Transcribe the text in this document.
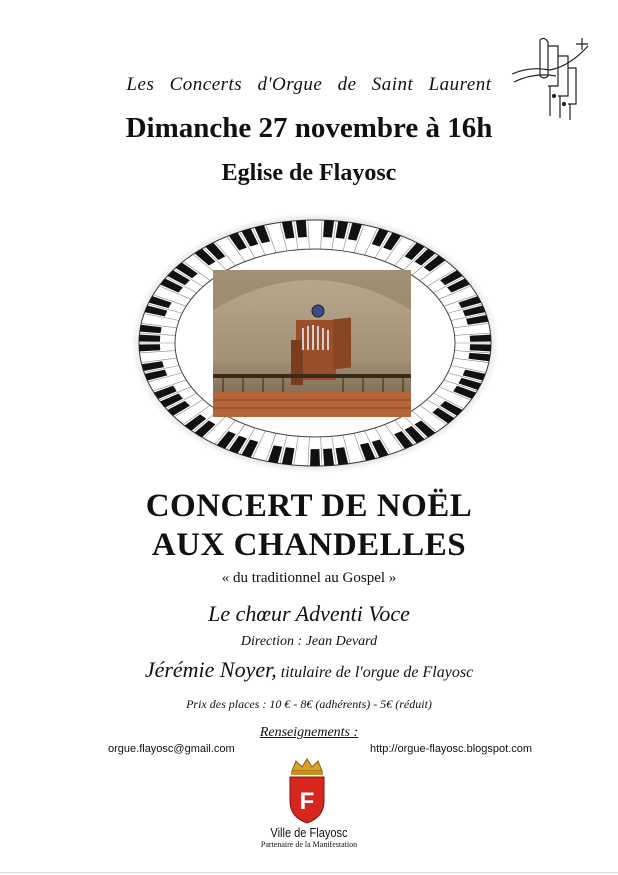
Les Concerts d'Orgue de Saint Laurent
Dimanche 27 novembre à 16h
Eglise de Flayosc
CONCERT DE NOËL
AUX CHANDELLES
« du traditionnel au Gospel »
Le chœur Adventi Voce
Direction : Jean Devard
Jérémie Noyer, titulaire de l'orgue de Flayosc
Prix des places : 10 € - 8€ (adhérents) - 5€ (réduit)
Renseignements :
orgue.flayosc@gmail.com	http://orgue-flayosc.blogspot.com
F
Ville de Flayosc
Partenaire de la Manifestation
